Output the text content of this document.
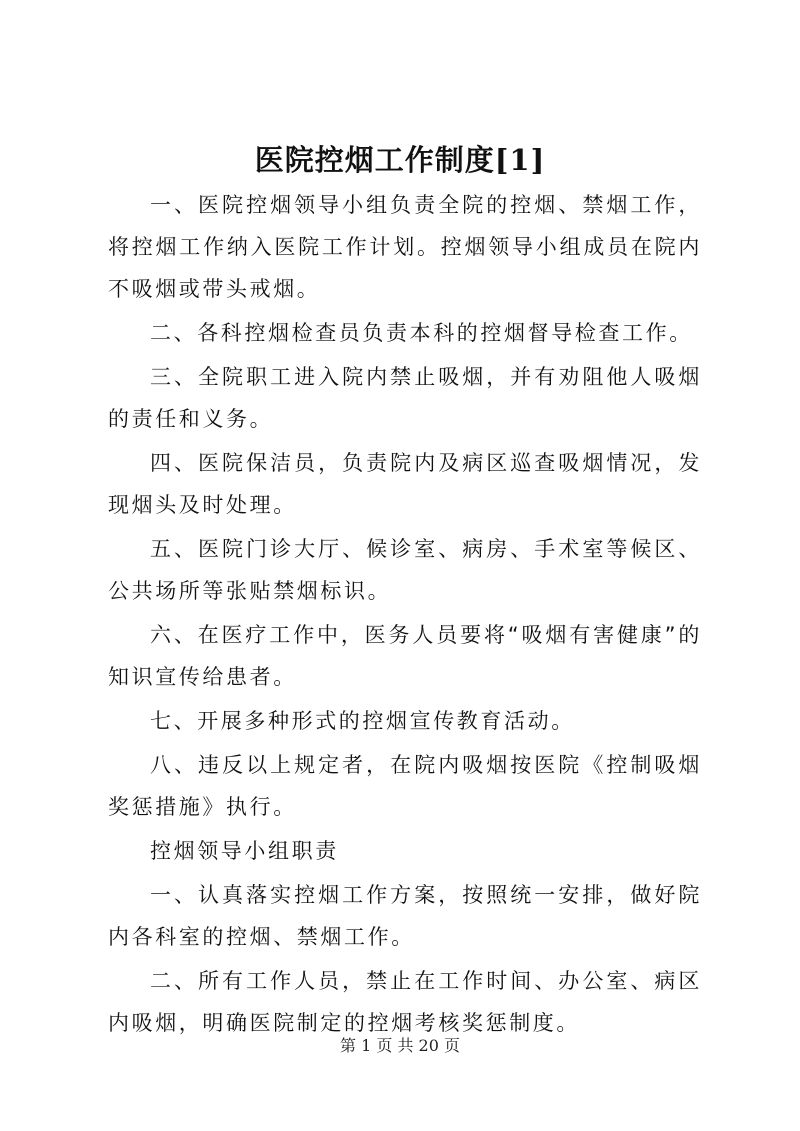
医院控烟工作制度[1]

一、医院控烟领导小组负责全院的控烟、禁烟工作，将控烟工作纳入医院工作计划。控烟领导小组成员在院内不吸烟或带头戒烟。

二、各科控烟检查员负责本科的控烟督导检查工作。

三、全院职工进入院内禁止吸烟，并有劝阻他人吸烟的责任和义务。

四、医院保洁员，负责院内及病区巡查吸烟情况，发现烟头及时处理。

五、医院门诊大厅、候诊室、病房、手术室等候区、公共场所等张贴禁烟标识。

六、在医疗工作中，医务人员要将“吸烟有害健康”的知识宣传给患者。

七、开展多种形式的控烟宣传教育活动。

八、违反以上规定者，在院内吸烟按医院《控制吸烟奖惩措施》执行。

控烟领导小组职责

一、认真落实控烟工作方案，按照统一安排，做好院内各科室的控烟、禁烟工作。

二、所有工作人员，禁止在工作时间、办公室、病区内吸烟，明确医院制定的控烟考核奖惩制度。

第 1 页 共 20 页
